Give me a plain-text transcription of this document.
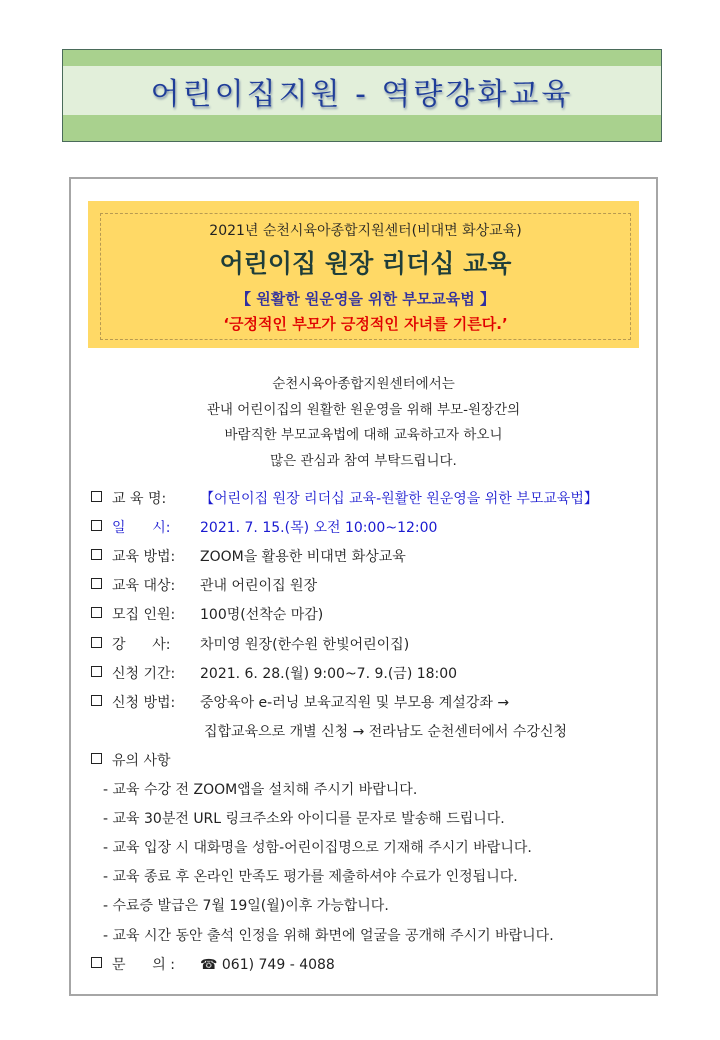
어린이집지원 - 역량강화교육
2021년 순천시육아종합지원센터(비대면 화상교육)
어린이집 원장 리더십 교육
【 원활한 원운영을 위한 부모교육법 】
‘긍정적인 부모가 긍정적인 자녀를 기른다.’
순천시육아종합지원센터에서는
관내 어린이집의 원활한 원운영을 위해 부모-원장간의
바람직한 부모교육법에 대해 교육하고자 하오니
많은 관심과 참여 부탁드립니다.
교 육 명: 【어린이집 원장 리더십 교육-원활한 원운영을 위한 부모교육법】
일      시: 2021. 7. 15.(목) 오전 10:00~12:00
교육 방법: ZOOM을 활용한 비대면 화상교육
교육 대상: 관내 어린이집 원장
모집 인원: 100명(선착순 마감)
강      사: 차미영 원장(한수원 한빛어린이집)
신청 기간: 2021. 6. 28.(월) 9:00~7. 9.(금) 18:00
신청 방법: 중앙육아 e-러닝 보육교직원 및 부모용 계설강좌 →
집합교육으로 개별 신청 → 전라남도 순천센터에서 수강신청
유의 사항
- 교육 수강 전 ZOOM앱을 설치해 주시기 바랍니다.
- 교육 30분전 URL 링크주소와 아이디를 문자로 발송해 드립니다.
- 교육 입장 시 대화명을 성함-어린이집명으로 기재해 주시기 바랍니다.
- 교육 종료 후 온라인 만족도 평가를 제출하셔야 수료가 인정됩니다.
- 수료증 발급은 7월 19일(월)이후 가능합니다.
- 교육 시간 동안 출석 인정을 위해 화면에 얼굴을 공개해 주시기 바랍니다.
문      의 : ☎ 061) 749 - 4088
